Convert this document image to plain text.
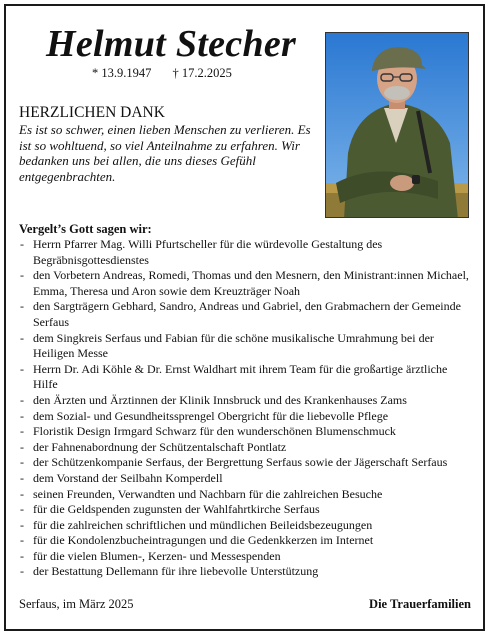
Helmut Stecher
* 13.9.1947 † 17.2.2025
HERZLICHEN DANK
Es ist so schwer, einen lieben Menschen zu verlieren. Es ist so wohltuend, so viel Anteilnahme zu erfahren. Wir bedanken uns bei allen, die uns dieses Gefühl entgegenbrachten.
Vergelt’s Gott sagen wir:
- Herrn Pfarrer Mag. Willi Pfurtscheller für die würdevolle Gestaltung des Begräbnisgottesdienstes
- den Vorbetern Andreas, Romedi, Thomas und den Mesnern, den Ministrant:innen Michael, Emma, Theresa und Aron sowie dem Kreuzträger Noah
- den Sargträgern Gebhard, Sandro, Andreas und Gabriel, den Grabmachern der Gemeinde Serfaus
- dem Singkreis Serfaus und Fabian für die schöne musikalische Umrahmung bei der Heiligen Messe
- Herrn Dr. Adi Köhle & Dr. Ernst Waldhart mit ihrem Team für die großartige ärztliche Hilfe
- den Ärzten und Ärztinnen der Klinik Innsbruck und des Krankenhauses Zams
- dem Sozial- und Gesundheitssprengel Obergricht für die liebevolle Pflege
- Floristik Design Irmgard Schwarz für den wunderschönen Blumenschmuck
- der Fahnenabordnung der Schützentalschaft Pontlatz
- der Schützenkompanie Serfaus, der Bergrettung Serfaus sowie der Jägerschaft Serfaus
- dem Vorstand der Seilbahn Komperdell
- seinen Freunden, Verwandten und Nachbarn für die zahlreichen Besuche
- für die Geldspenden zugunsten der Wahlfahrtkirche Serfaus
- für die zahlreichen schriftlichen und mündlichen Beileidsbezeugungen
- für die Kondolenzbucheintragungen und die Gedenkkerzen im Internet
- für die vielen Blumen-, Kerzen- und Messespenden
- der Bestattung Dellemann für ihre liebevolle Unterstützung
Serfaus, im März 2025	Die Trauerfamilien
